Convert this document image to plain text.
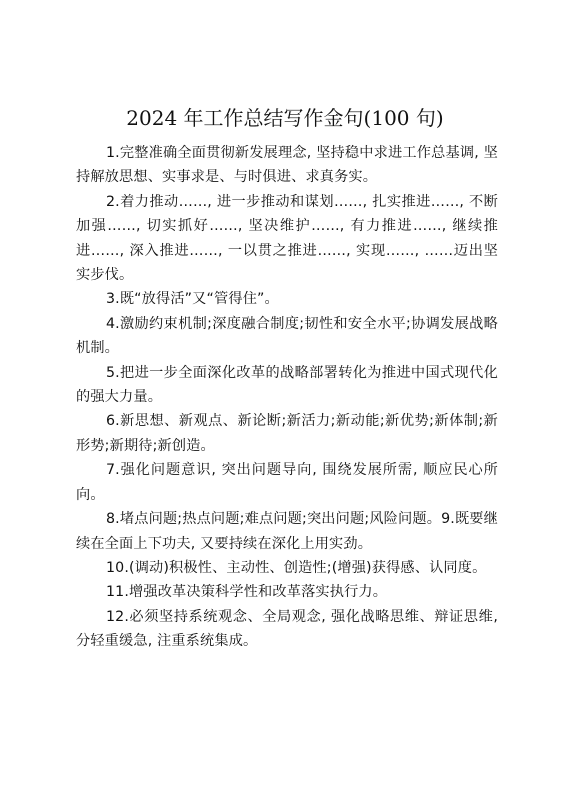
2024 年工作总结写作金句(100 句)

1.完整准确全面贯彻新发展理念, 坚持稳中求进工作总基调, 坚持解放思想、实事求是、与时俱进、求真务实。

2.着力推动……, 进一步推动和谋划……, 扎实推进……, 不断加强……, 切实抓好……, 坚决维护……, 有力推进……, 继续推进……, 深入推进……, 一以贯之推进……, 实现……, ……迈出坚实步伐。

3.既“放得活”又“管得住”。

4.激励约束机制;深度融合制度;韧性和安全水平;协调发展战略机制。

5.把进一步全面深化改革的战略部署转化为推进中国式现代化的强大力量。

6.新思想、新观点、新论断;新活力;新动能;新优势;新体制;新形势;新期待;新创造。

7.强化问题意识, 突出问题导向, 围绕发展所需, 顺应民心所向。

8.堵点问题;热点问题;难点问题;突出问题;风险问题。9.既要继续在全面上下功夫, 又要持续在深化上用实劲。

10.(调动)积极性、主动性、创造性;(增强)获得感、认同度。

11.增强改革决策科学性和改革落实执行力。

12.必须坚持系统观念、全局观念, 强化战略思维、辩证思维, 分轻重缓急, 注重系统集成。
